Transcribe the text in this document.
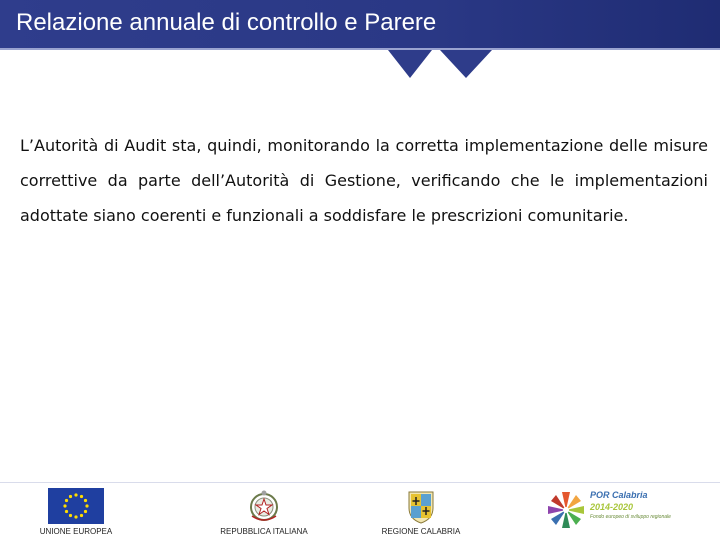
Relazione annuale di controllo e Parere

L’Autorità di Audit sta, quindi, monitorando la corretta implementazione delle misure correttive da parte dell’Autorità di Gestione, verificando che le implementazioni adottate siano coerenti e funzionali a soddisfare le prescrizioni comunitarie.

UNIONE EUROPEA	REPUBBLICA ITALIANA	REGIONE CALABRIA
POR Calabria
2014-2020
Fondo europeo di sviluppo regionale
